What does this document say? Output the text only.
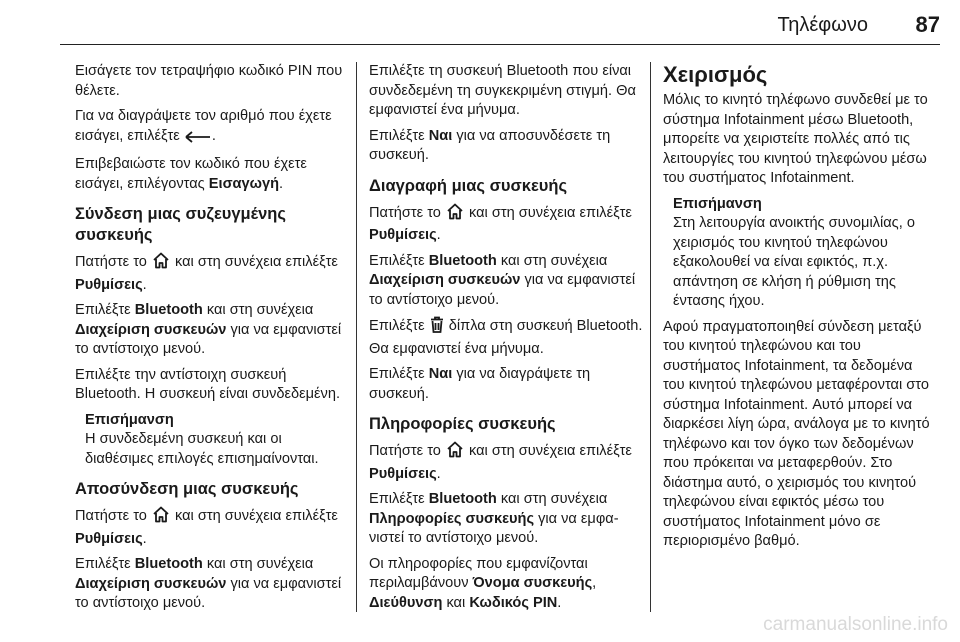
Τηλέφωνο 87

Εισάγετε τον τετραψήφιο κωδικό PIN που θέλετε.

Για να διαγράψετε τον αριθμό που έχετε εισάγει, επιλέξτε .

Επιβεβαιώστε τον κωδικό που έχετε εισάγει, επιλέγοντας Εισαγωγή.

Σύνδεση μιας συζευγμένης συσκευής

Πατήστε το και στη συνέχεια επιλέξτε Ρυθμίσεις.

Επιλέξτε Bluetooth και στη συνέχεια Διαχείριση συσκευών για να εμφανιστεί το αντίστοιχο μενού.

Επιλέξτε την αντίστοιχη συσκευή Bluetooth. Η συσκευή είναι συνδεδεμένη.

Επισήμανση
Η συνδεδεμένη συσκευή και οι διαθέσιμες επιλογές επισημαίνονται.
Αποσύνδεση μιας συσκευής

Πατήστε το και στη συνέχεια επιλέξτε Ρυθμίσεις.

Επιλέξτε Bluetooth και στη συνέχεια Διαχείριση συσκευών για να εμφανιστεί το αντίστοιχο μενού.

Επιλέξτε τη συσκευή Bluetooth που είναι συνδεδεμένη τη συγκεκριμένη στιγμή. Θα εμφανιστεί ένα μήνυμα.

Επιλέξτε Ναι για να αποσυνδέσετε τη συσκευή.

Διαγραφή μιας συσκευής

Πατήστε το και στη συνέχεια επιλέξτε Ρυθμίσεις.

Επιλέξτε Bluetooth και στη συνέχεια Διαχείριση συσκευών για να εμφανιστεί το αντίστοιχο μενού.

Επιλέξτε δίπλα στη συσκευή Bluetooth. Θα εμφανιστεί ένα μήνυμα.

Επιλέξτε Ναι για να διαγράψετε τη συσκευή.

Πληροφορίες συσκευής

Πατήστε το και στη συνέχεια επιλέξτε Ρυθμίσεις.

Επιλέξτε Bluetooth και στη συνέχεια Πληροφορίες συσκευής για να εμφανιστεί το αντίστοιχο μενού.

Οι πληροφορίες που εμφανίζονται περιλαμβάνουν Όνομα συσκευής, Διεύθυνση και Κωδικός PIN.

Χειρισμός

Μόλις το κινητό τηλέφωνο συνδεθεί με το σύστημα Infotainment μέσω Bluetooth, μπορείτε να χειριστείτε πολλές από τις λειτουργίες του κινητού τηλεφώνου μέσω του συστήματος Infotainment.

Επισήμανση
Στη λειτουργία ανοικτής συνομιλίας, ο χειρισμός του κινητού τηλεφώνου εξακολουθεί να είναι εφικτός, π.χ. απάντηση σε κλήση ή ρύθμιση της έντασης ήχου.

Αφού πραγματοποιηθεί σύνδεση μεταξύ του κινητού τηλεφώνου και του συστήματος Infotainment, τα δεδομένα του κινητού τηλεφώνου μεταφέρονται στο σύστημα Infotainment. Αυτό μπορεί να διαρκέσει λίγη ώρα, ανάλογα με το κινητό τηλέφωνο και τον όγκο των δεδομένων που πρόκειται να μεταφερθούν. Στο διάστημα αυτό, ο χειρισμός του κινητού τηλεφώνου είναι εφικτός μέσω του συστήματος Infotainment μόνο σε περιορισμένο βαθμό.

carmanualsonline.info
